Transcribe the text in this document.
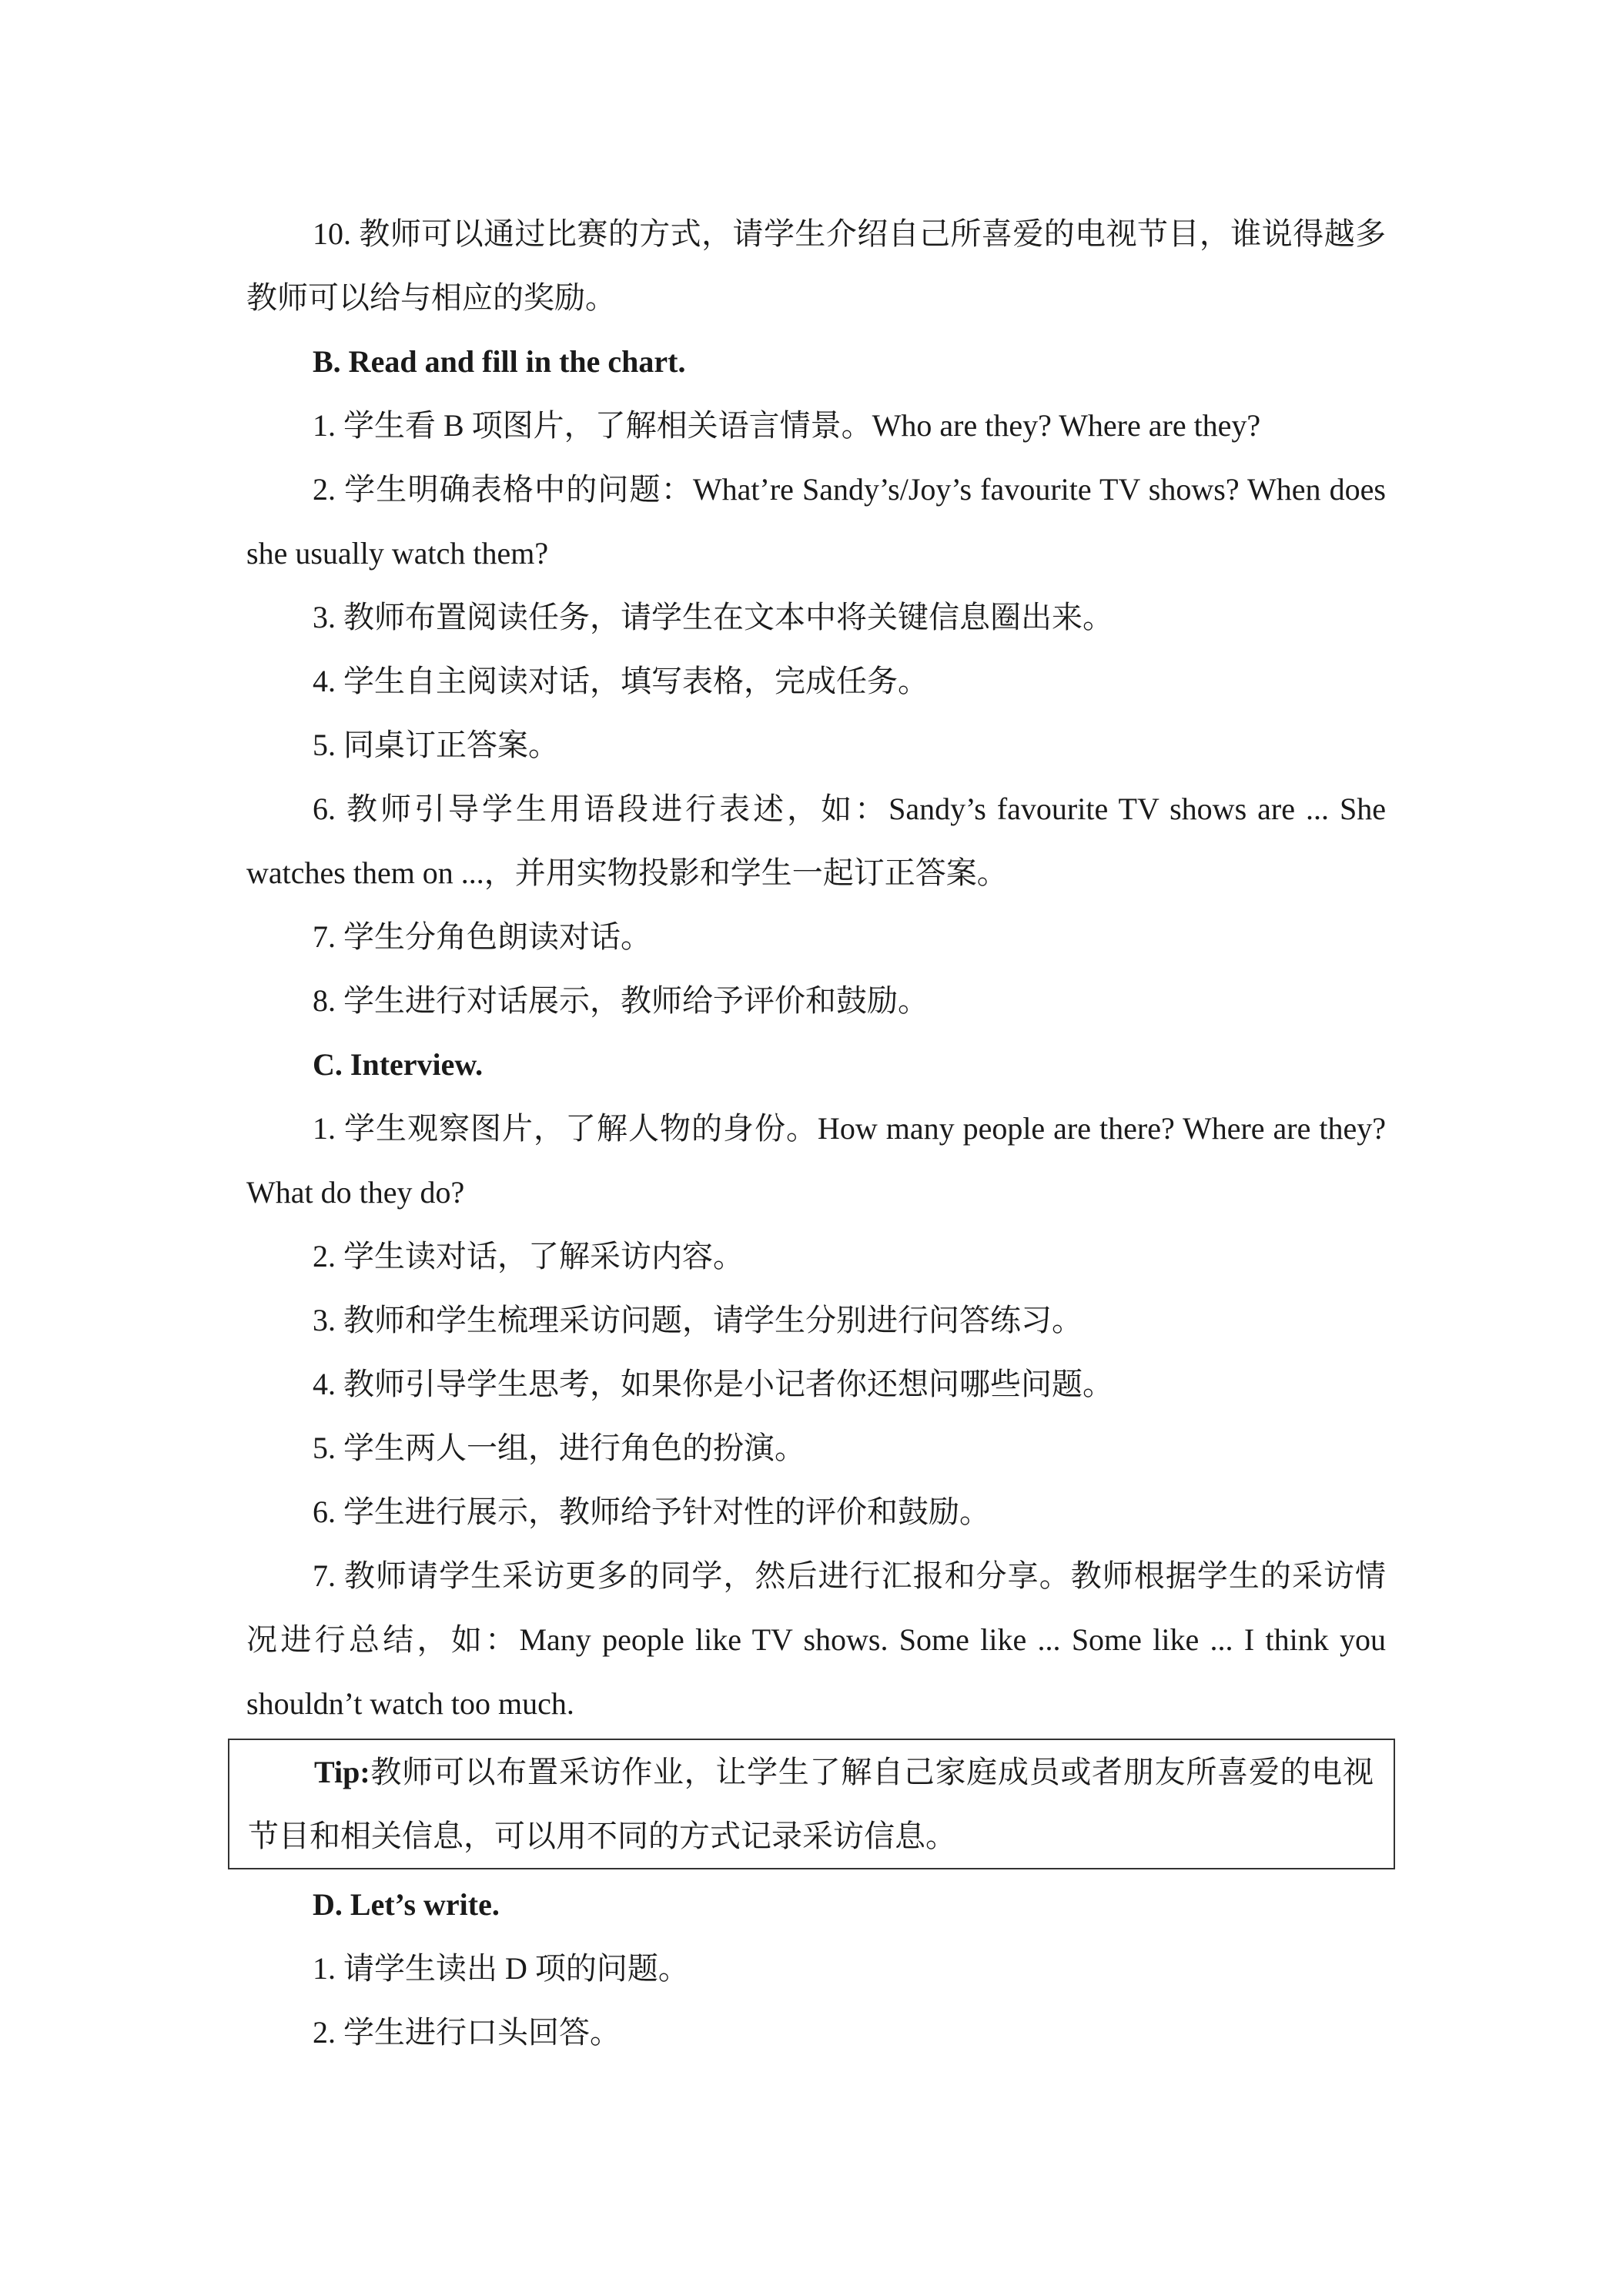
10. 教师可以通过比赛的方式，请学生介绍自己所喜爱的电视节目，谁说得越多教师可以给与相应的奖励。

B. Read and fill in the chart.

1. 学生看 B 项图片，了解相关语言情景。Who are they? Where are they?

2. 学生明确表格中的问题：What’re Sandy’s/Joy’s favourite TV shows? When does she usually watch them?

3. 教师布置阅读任务，请学生在文本中将关键信息圈出来。

4. 学生自主阅读对话，填写表格，完成任务。

5. 同桌订正答案。

6. 教师引导学生用语段进行表述，如：Sandy’s favourite TV shows are ... She watches them on ...，并用实物投影和学生一起订正答案。

7. 学生分角色朗读对话。

8. 学生进行对话展示，教师给予评价和鼓励。

C. Interview.

1. 学生观察图片，了解人物的身份。How many people are there? Where are they? What do they do?

2. 学生读对话，了解采访内容。

3. 教师和学生梳理采访问题，请学生分别进行问答练习。

4. 教师引导学生思考，如果你是小记者你还想问哪些问题。

5. 学生两人一组，进行角色的扮演。

6. 学生进行展示，教师给予针对性的评价和鼓励。

7. 教师请学生采访更多的同学，然后进行汇报和分享。教师根据学生的采访情况进行总结，如：Many people like TV shows. Some like ... Some like ... I think you shouldn’t watch too much.

Tip:教师可以布置采访作业，让学生了解自己家庭成员或者朋友所喜爱的电视节目和相关信息，可以用不同的方式记录采访信息。

D. Let’s write.

1. 请学生读出 D 项的问题。

2. 学生进行口头回答。
